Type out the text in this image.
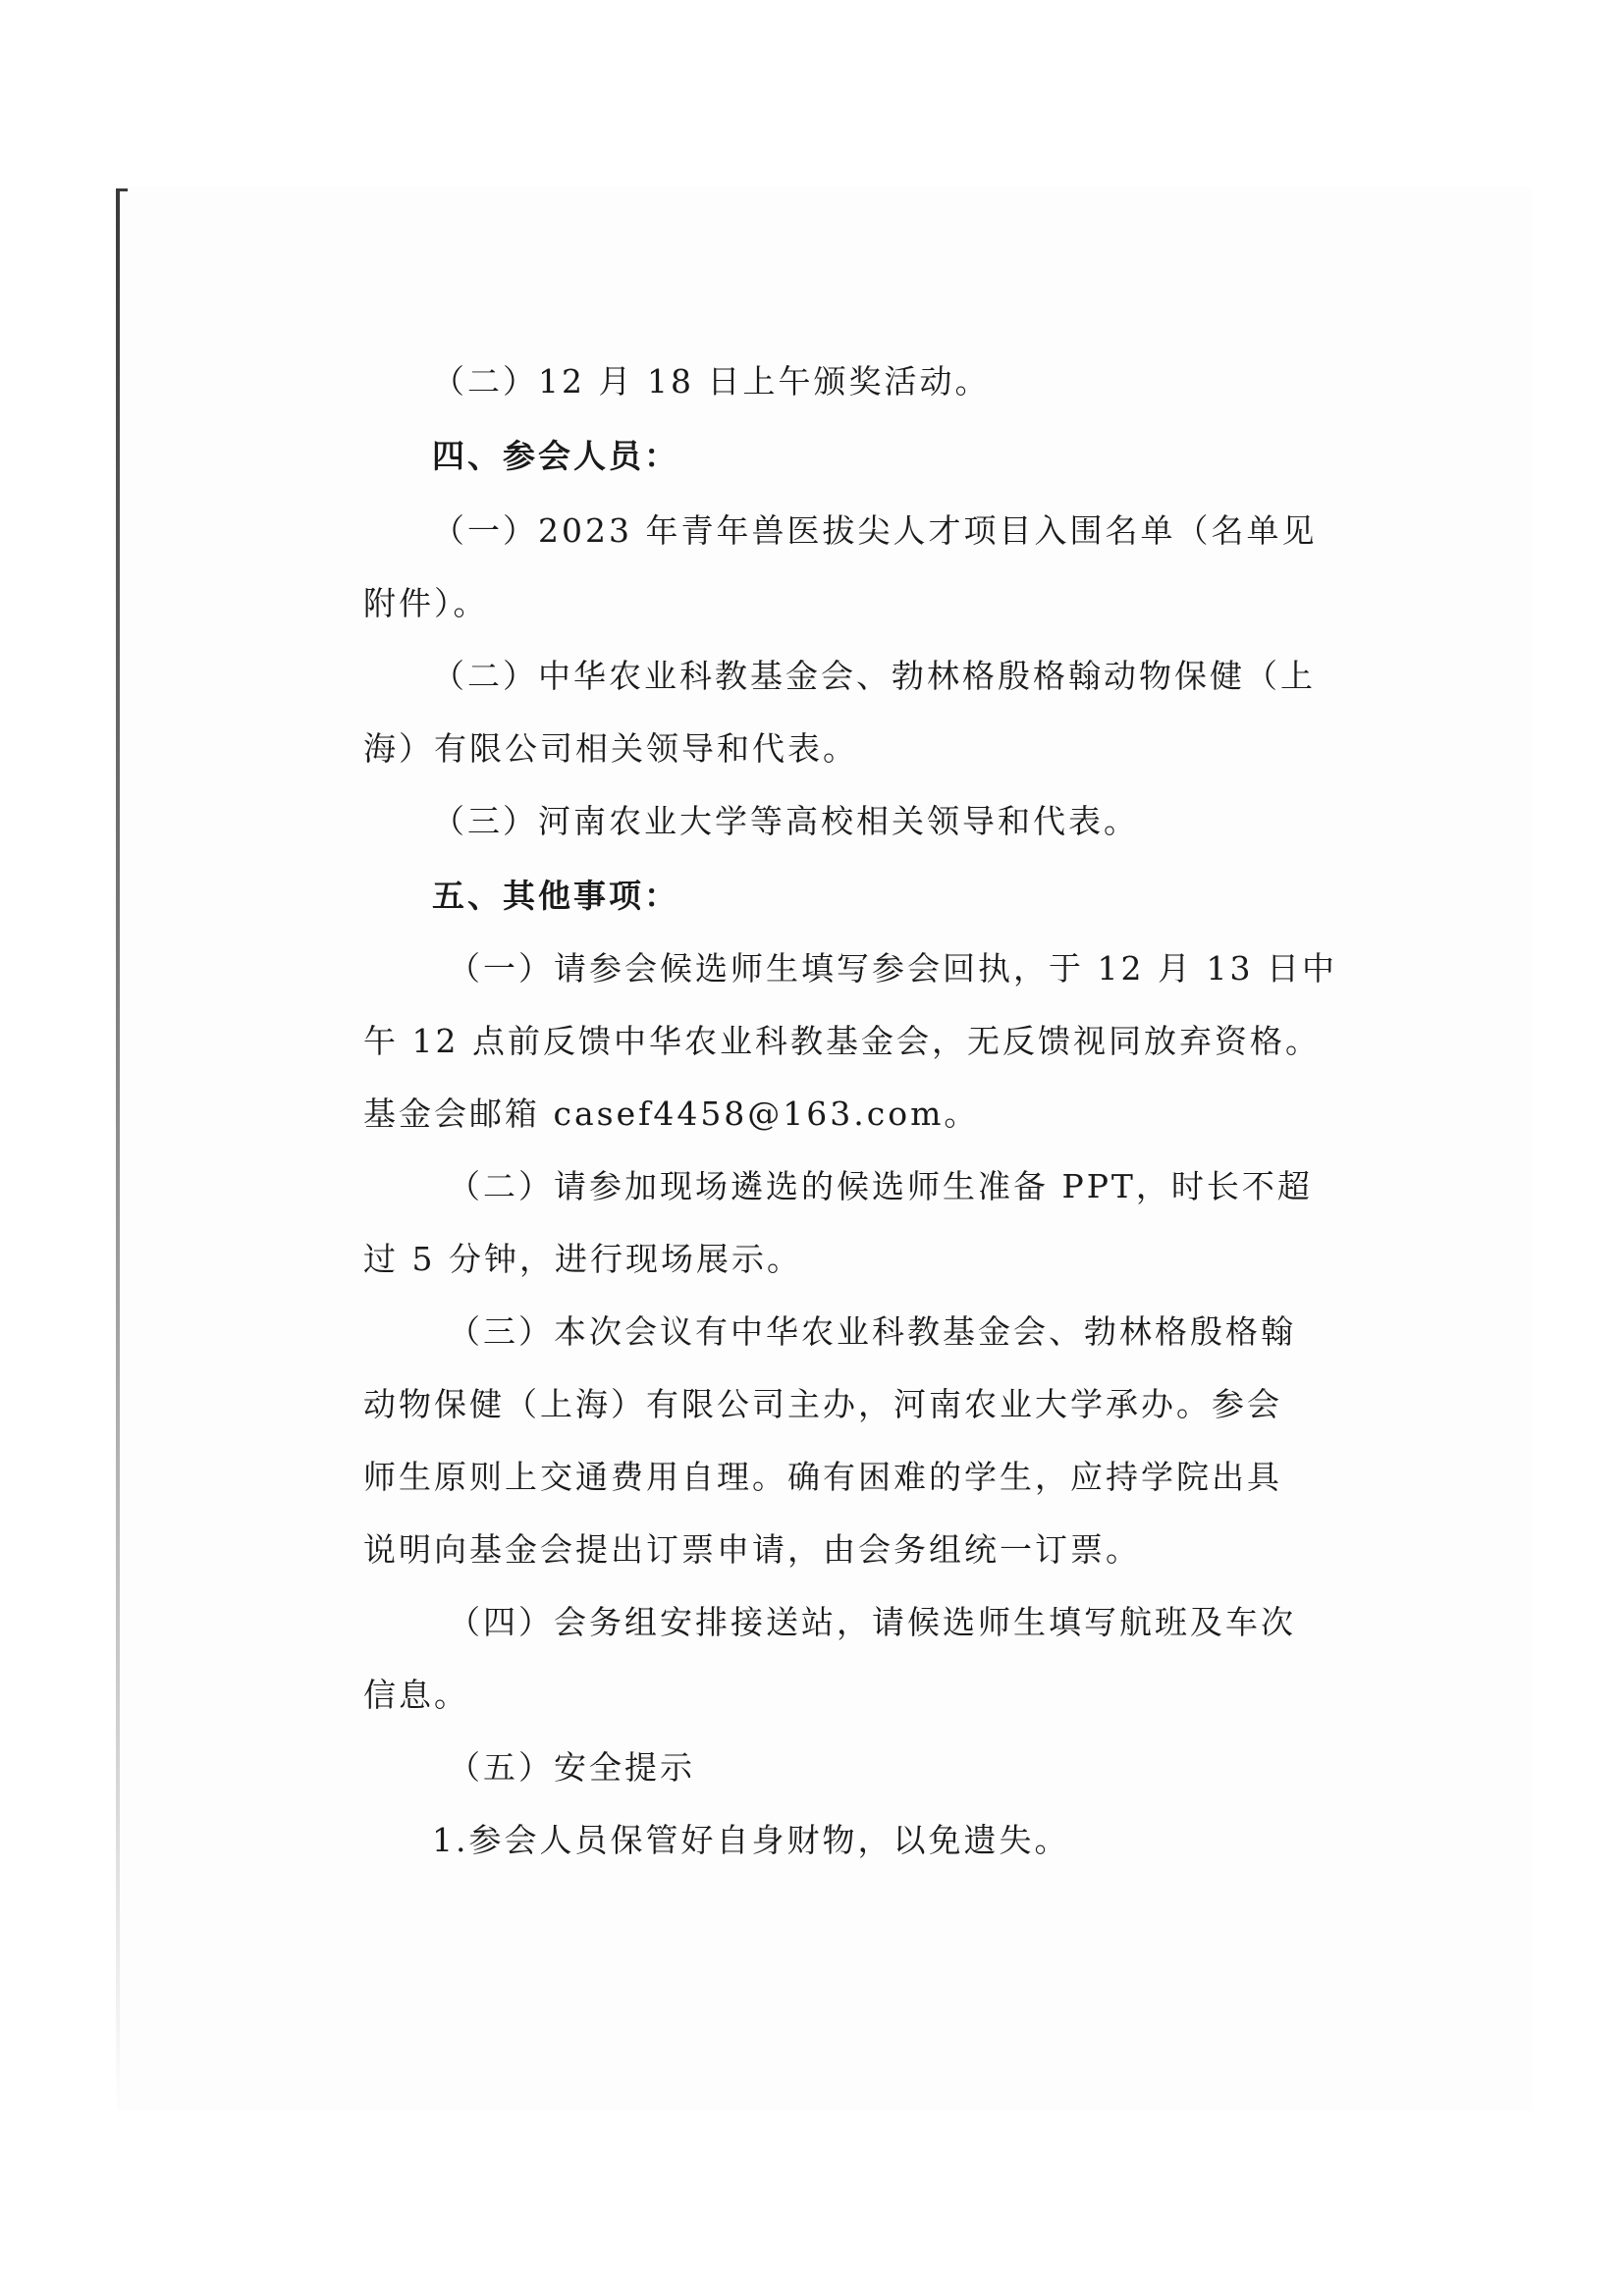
（二）12 月 18 日上午颁奖活动。
四、参会人员：
（一）2023 年青年兽医拔尖人才项目入围名单（名单见
附件）。
（二）中华农业科教基金会、勃林格殷格翰动物保健（上
海）有限公司相关领导和代表。
（三）河南农业大学等高校相关领导和代表。
五、其他事项：
（一）请参会候选师生填写参会回执，于 12 月 13 日中
午 12 点前反馈中华农业科教基金会，无反馈视同放弃资格。
基金会邮箱 casef4458@163.com。
（二）请参加现场遴选的候选师生准备 PPT，时长不超
过 5 分钟，进行现场展示。
（三）本次会议有中华农业科教基金会、勃林格殷格翰
动物保健（上海）有限公司主办，河南农业大学承办。参会
师生原则上交通费用自理。确有困难的学生，应持学院出具
说明向基金会提出订票申请，由会务组统一订票。
（四）会务组安排接送站，请候选师生填写航班及车次
信息。
（五）安全提示
1.参会人员保管好自身财物，以免遗失。
